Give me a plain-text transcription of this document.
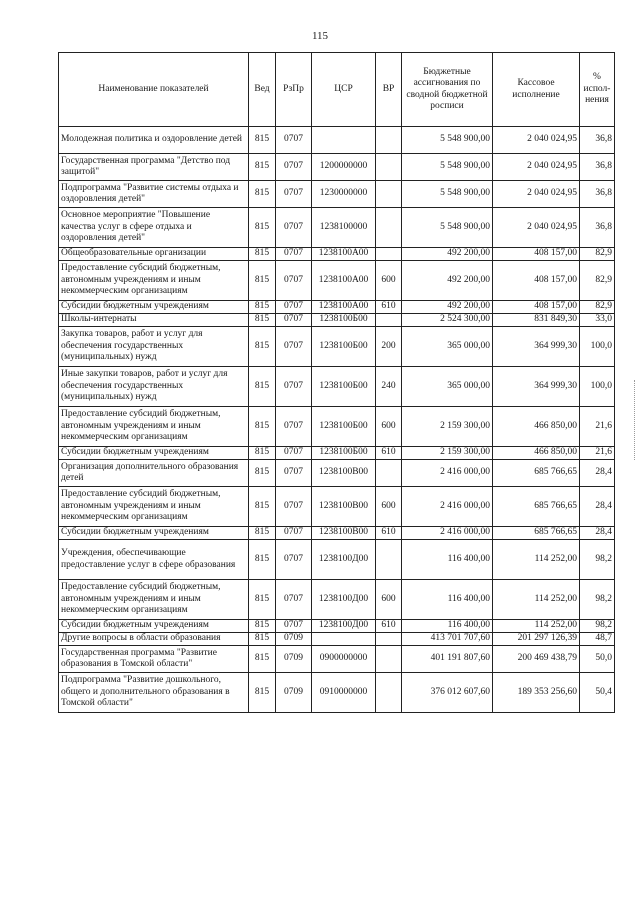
115
Наименование показателей	Вед	РзПр	ЦСР	ВР	Бюджетные ассигнования по сводной бюджетной росписи	Кассовое исполнение	% испол-нения
Молодежная политика и оздоровление детей	815	0707			5 548 900,00	2 040 024,95	36,8
Государственная программа "Детство под защитой"	815	0707	1200000000		5 548 900,00	2 040 024,95	36,8
Подпрограмма "Развитие системы отдыха и оздоровления детей"	815	0707	1230000000		5 548 900,00	2 040 024,95	36,8
Основное мероприятие "Повышение качества услуг в сфере отдыха и оздоровления детей"	815	0707	1238100000		5 548 900,00	2 040 024,95	36,8
Общеобразовательные организации	815	0707	1238100А00		492 200,00	408 157,00	82,9
Предоставление субсидий бюджетным, автономным учреждениям и иным некоммерческим организациям	815	0707	1238100А00	600	492 200,00	408 157,00	82,9
Субсидии бюджетным учреждениям	815	0707	1238100А00	610	492 200,00	408 157,00	82,9
Школы-интернаты	815	0707	1238100Б00		2 524 300,00	831 849,30	33,0
Закупка товаров, работ и услуг для обеспечения государственных (муниципальных) нужд	815	0707	1238100Б00	200	365 000,00	364 999,30	100,0
Иные закупки товаров, работ и услуг для обеспечения государственных (муниципальных) нужд	815	0707	1238100Б00	240	365 000,00	364 999,30	100,0
Предоставление субсидий бюджетным, автономным учреждениям и иным некоммерческим организациям	815	0707	1238100Б00	600	2 159 300,00	466 850,00	21,6
Субсидии бюджетным учреждениям	815	0707	1238100Б00	610	2 159 300,00	466 850,00	21,6
Организация дополнительного образования детей	815	0707	1238100В00		2 416 000,00	685 766,65	28,4
Предоставление субсидий бюджетным, автономным учреждениям и иным некоммерческим организациям	815	0707	1238100В00	600	2 416 000,00	685 766,65	28,4
Субсидии бюджетным учреждениям	815	0707	1238100В00	610	2 416 000,00	685 766,65	28,4
Учреждения, обеспечивающие предоставление услуг в сфере образования	815	0707	1238100Д00		116 400,00	114 252,00	98,2
Предоставление субсидий бюджетным, автономным учреждениям и иным некоммерческим организациям	815	0707	1238100Д00	600	116 400,00	114 252,00	98,2
Субсидии бюджетным учреждениям	815	0707	1238100Д00	610	116 400,00	114 252,00	98,2
Другие вопросы в области образования	815	0709			413 701 707,60	201 297 126,39	48,7
Государственная программа "Развитие образования в Томской области"	815	0709	0900000000		401 191 807,60	200 469 438,79	50,0
Подпрограмма "Развитие дошкольного, общего и дополнительного образования в Томской области"	815	0709	0910000000		376 012 607,60	189 353 256,60	50,4
